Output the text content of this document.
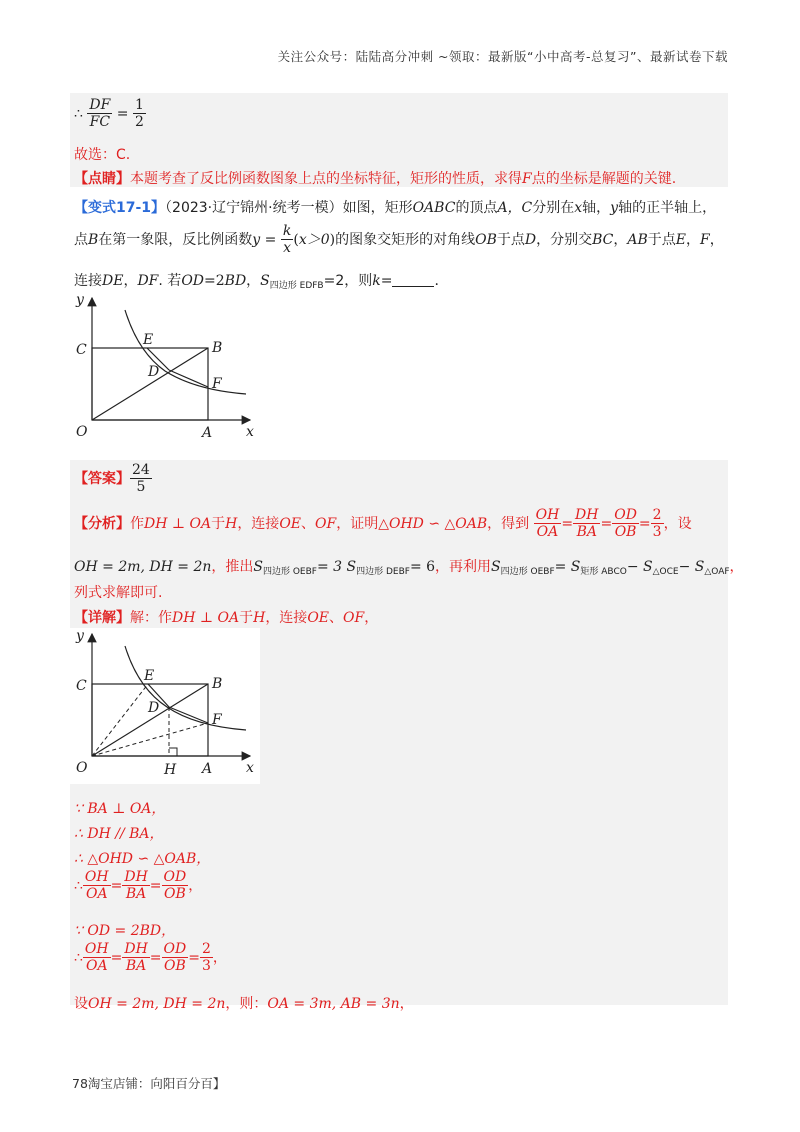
关注公众号：陆陆高分冲刺 ~领取：最新版“小中高考-总复习”、最新试卷下载
∴ $\frac{DF}{FC} = \frac{1}{2}$
故选：C.
【点睛】本题考查了反比例函数图象上点的坐标特征，矩形的性质，求得F点的坐标是解题的关键.
【变式17-1】（2023·辽宁锦州·统考一模）如图，矩形OABC的顶点A，C分别在x轴，y轴的正半轴上，
点B在第一象限，反比例函数$y = \frac{k}{x} (x>0)$的图象交矩形的对角线OB于点D，分别交BC，AB于点E，F，
连接DE，DF. 若OD=2BD，$S_{四边形 EDFB}=2$，则k=	.
y
C
E	B
D
F
O	A x
【答案】 $\frac{24}{5}$
【分析】作DH ⊥ OA于H，连接OE、OF，证明△OHD ∽ △OAB，得到 $\frac{OH}{OA} = \frac{DH}{BA} = \frac{OD}{OB} = \frac{2}{3}$ ，设
OH = 2m, DH = 2n，推出$S_{四边形 OEBF}= 3$ $S_{四边形 DEBF}= 6$，再利用$S_{四边形 OEBF}= S_{矩形 ABCO}- S_{\triangle OCE}- S_{\triangle OAF}$，
列式求解即可.
【详解】解：作DH ⊥ OA于H，连接OE、OF，
y
C
E	B
D
F
O	H A x
∵ BA ⊥ OA，
∴ DH // BA，
∴ △OHD ∽ △OAB，
∴ $\frac{OH}{OA} = \frac{DH}{BA} = \frac{OD}{OB}$ ，
∵ OD = 2BD，
∴ $\frac{OH}{OA} = \frac{DH}{BA} = \frac{OD}{OB} = \frac{2}{3}$ ，
设OH = 2m, DH = 2n，则：OA = 3m, AB = 3n，
78淘宝店铺：向阳百分百】
